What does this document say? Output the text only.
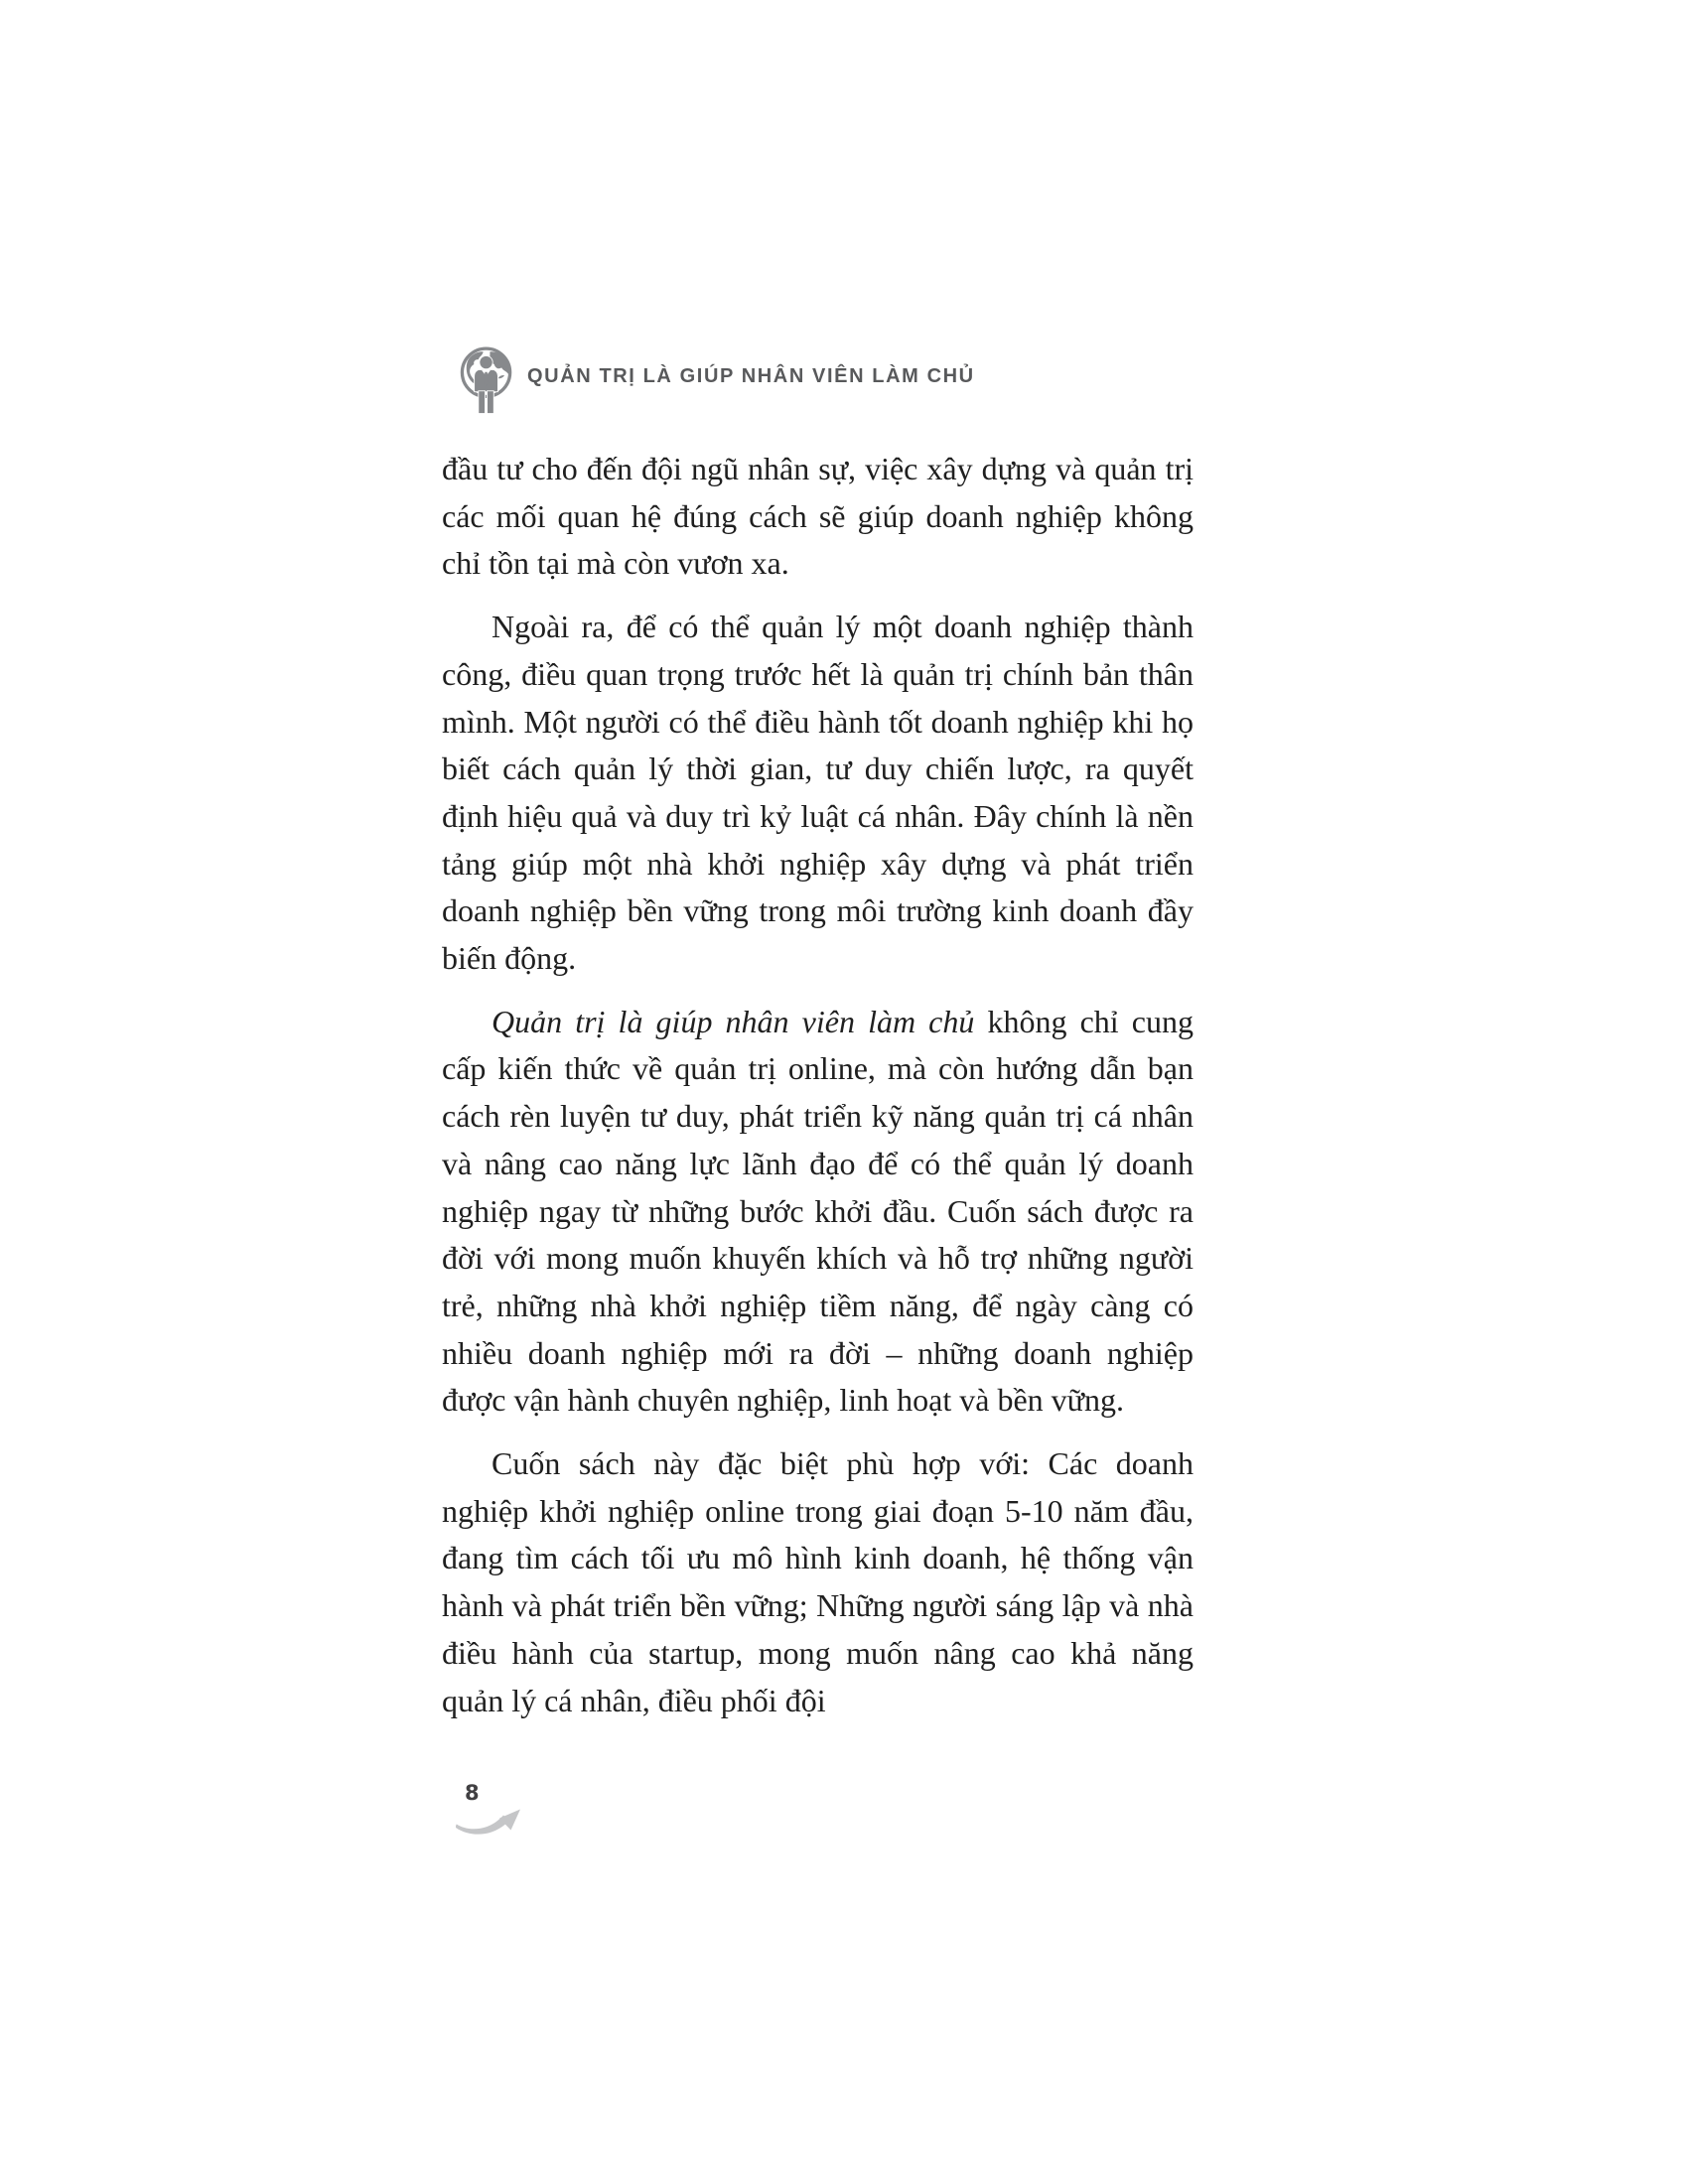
QUẢN TRỊ LÀ GIÚP NHÂN VIÊN LÀM CHỦ

đầu tư cho đến đội ngũ nhân sự, việc xây dựng và quản trị các mối quan hệ đúng cách sẽ giúp doanh nghiệp không chỉ tồn tại mà còn vươn xa.

Ngoài ra, để có thể quản lý một doanh nghiệp thành công, điều quan trọng trước hết là quản trị chính bản thân mình. Một người có thể điều hành tốt doanh nghiệp khi họ biết cách quản lý thời gian, tư duy chiến lược, ra quyết định hiệu quả và duy trì kỷ luật cá nhân. Đây chính là nền tảng giúp một nhà khởi nghiệp xây dựng và phát triển doanh nghiệp bền vững trong môi trường kinh doanh đầy biến động.

Quản trị là giúp nhân viên làm chủ không chỉ cung cấp kiến thức về quản trị online, mà còn hướng dẫn bạn cách rèn luyện tư duy, phát triển kỹ năng quản trị cá nhân và nâng cao năng lực lãnh đạo để có thể quản lý doanh nghiệp ngay từ những bước khởi đầu. Cuốn sách được ra đời với mong muốn khuyến khích và hỗ trợ những người trẻ, những nhà khởi nghiệp tiềm năng, để ngày càng có nhiều doanh nghiệp mới ra đời – những doanh nghiệp được vận hành chuyên nghiệp, linh hoạt và bền vững.

Cuốn sách này đặc biệt phù hợp với: Các doanh nghiệp khởi nghiệp online trong giai đoạn 5-10 năm đầu, đang tìm cách tối ưu mô hình kinh doanh, hệ thống vận hành và phát triển bền vững; Những người sáng lập và nhà điều hành của startup, mong muốn nâng cao khả năng quản lý cá nhân, điều phối đội

8
